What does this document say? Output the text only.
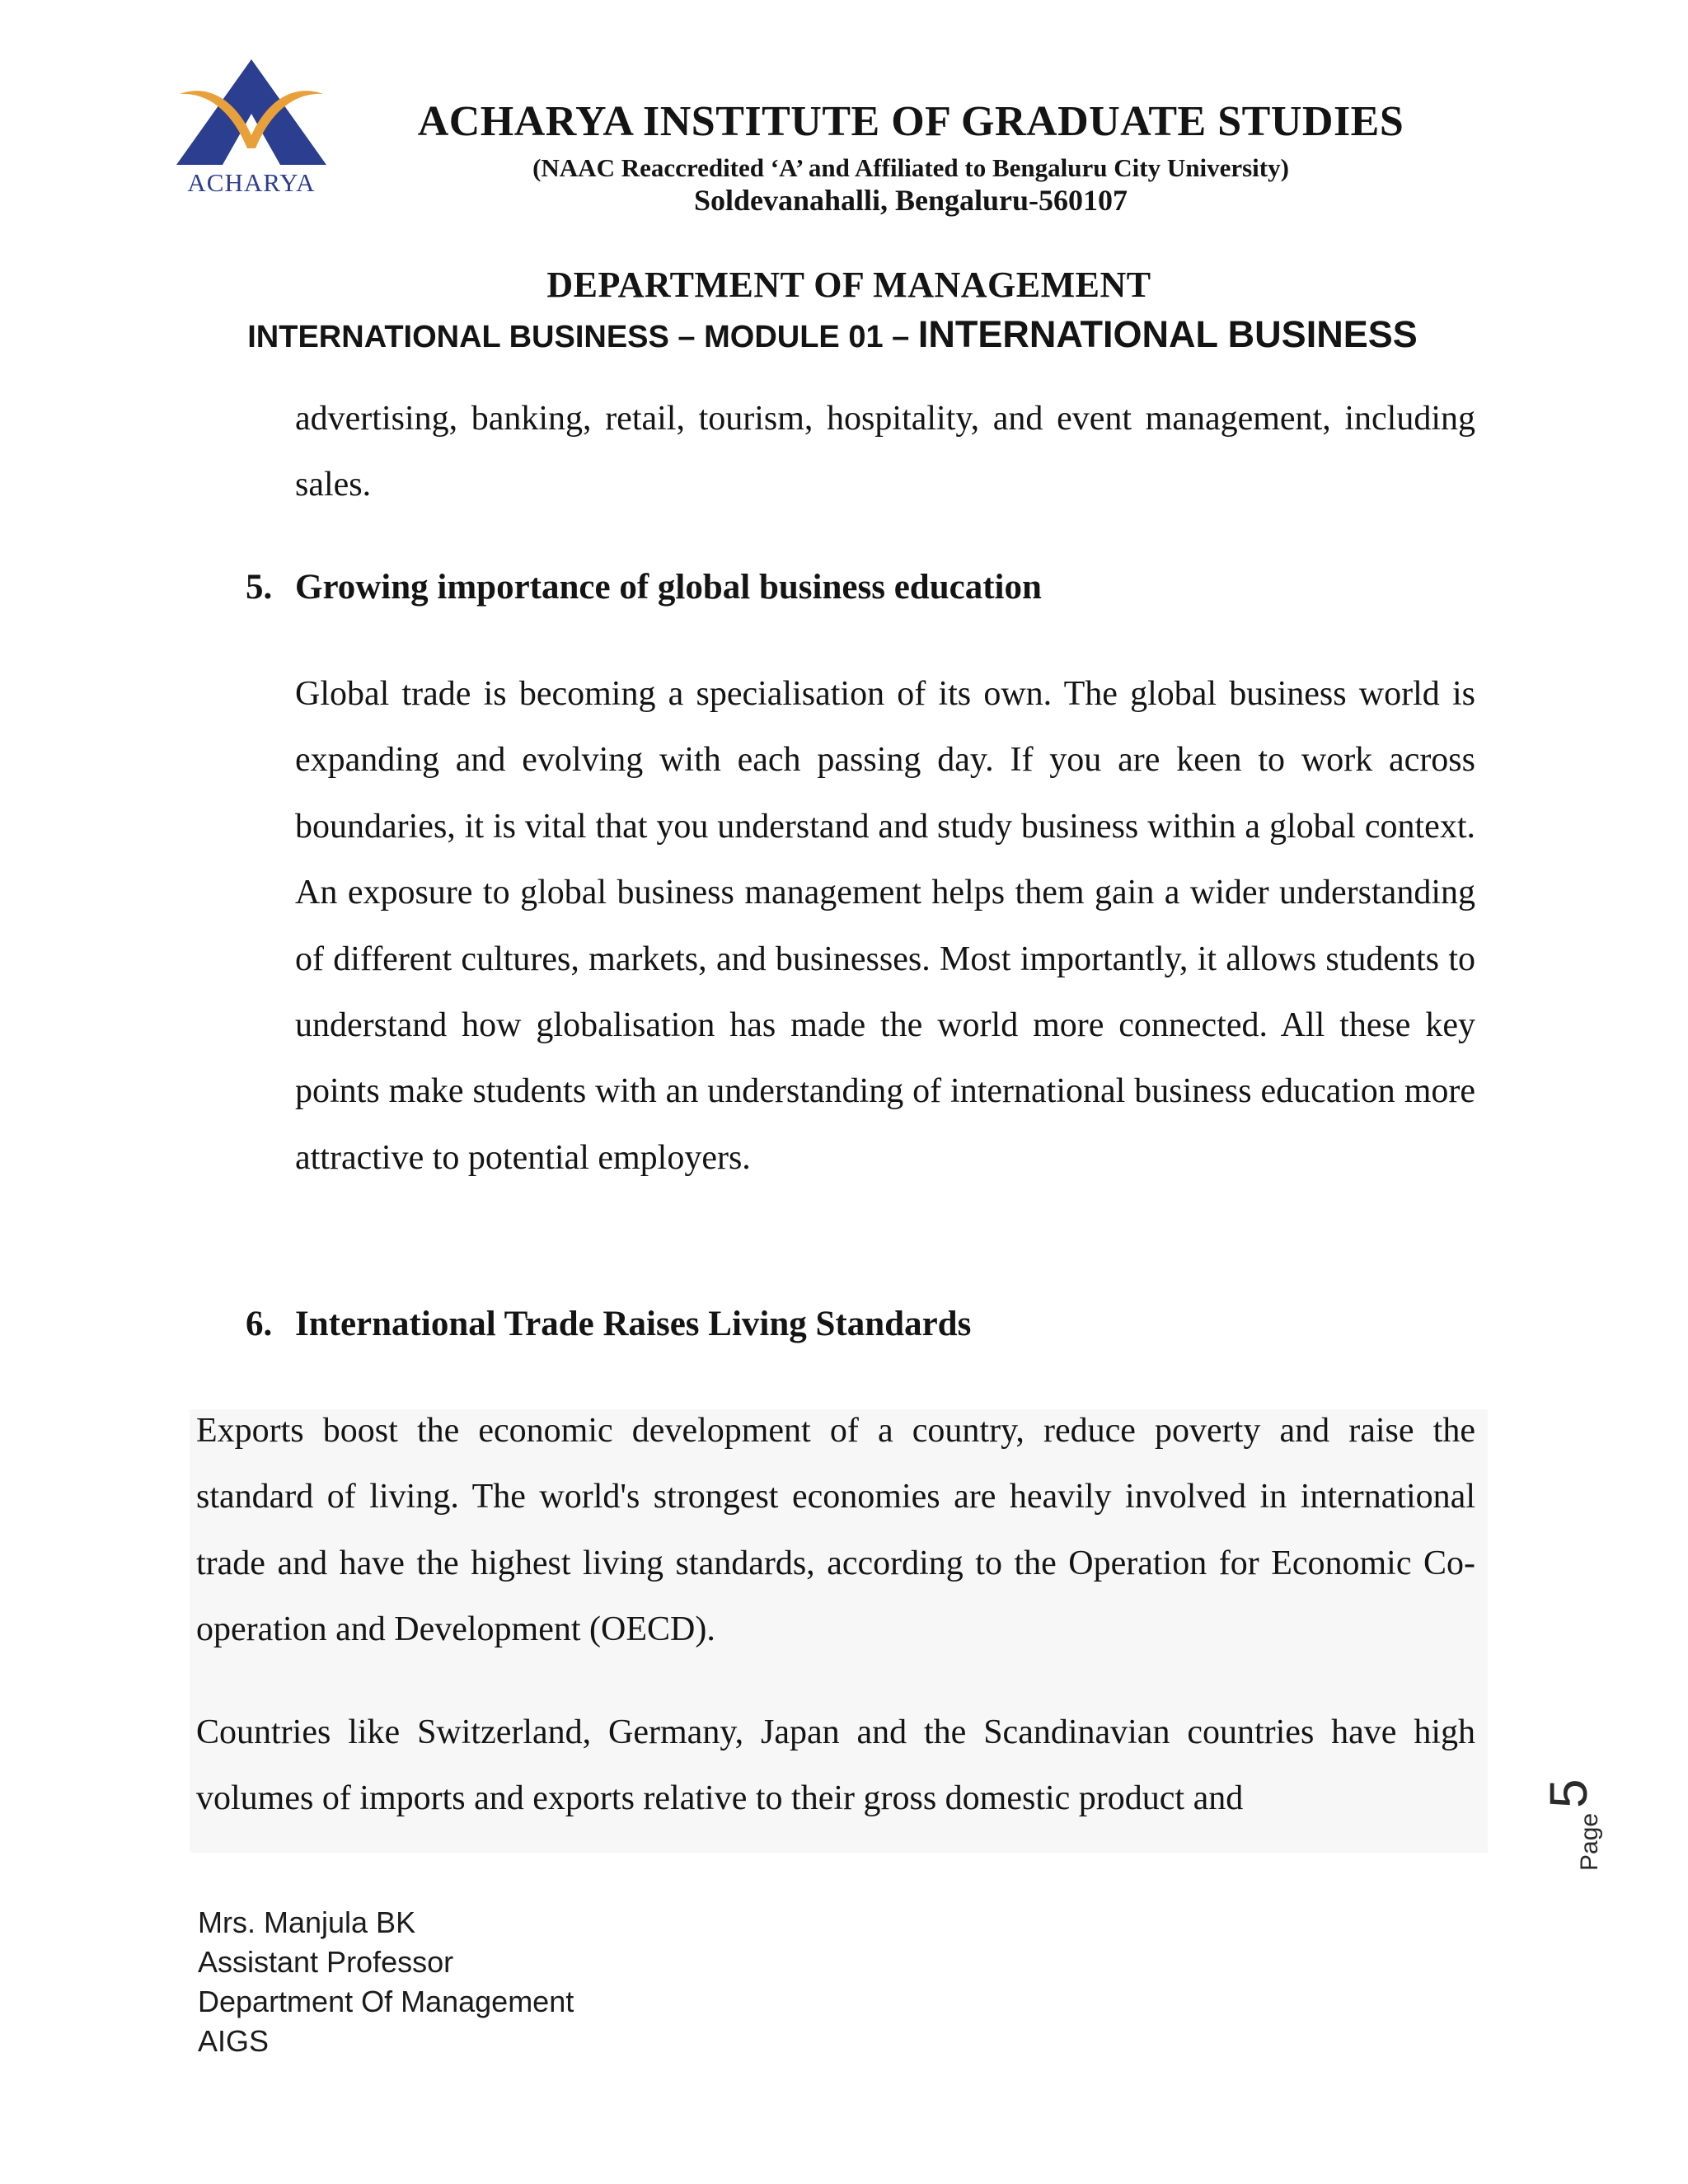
ACHARYA
ACHARYA INSTITUTE OF GRADUATE STUDIES
(NAAC Reaccredited ‘A’ and Affiliated to Bengaluru City University)
Soldevanahalli, Bengaluru-560107
DEPARTMENT OF MANAGEMENT
INTERNATIONAL BUSINESS – MODULE 01 – INTERNATIONAL BUSINESS

advertising, banking, retail, tourism, hospitality, and event management, including sales.

5. Growing importance of global business education

Global trade is becoming a specialisation of its own. The global business world is expanding and evolving with each passing day. If you are keen to work across boundaries, it is vital that you understand and study business within a global context. An exposure to global business management helps them gain a wider understanding of different cultures, markets, and businesses. Most importantly, it allows students to understand how globalisation has made the world more connected. All these key points make students with an understanding of international business education more attractive to potential employers.

6. International Trade Raises Living Standards

Exports boost the economic development of a country, reduce poverty and raise the standard of living. The world's strongest economies are heavily involved in international trade and have the highest living standards, according to the Operation for Economic Co-operation and Development (OECD).

Countries like Switzerland, Germany, Japan and the Scandinavian countries have high volumes of imports and exports relative to their gross domestic product and

Page
5
Mrs. Manjula BK
Assistant Professor
Department Of Management
AIGS
